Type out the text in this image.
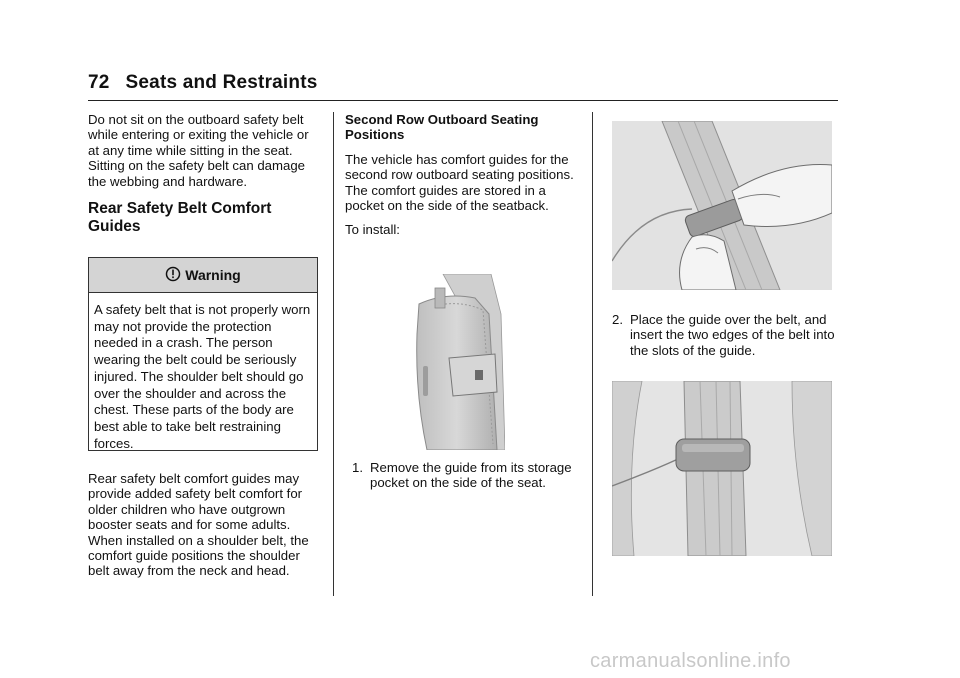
72 Seats and Restraints

Do not sit on the outboard safety belt while entering or exiting the vehicle or at any time while sitting in the seat. Sitting on the safety belt can damage the webbing and hardware.

Rear Safety Belt Comfort Guides

Warning
A safety belt that is not properly worn may not provide the protection needed in a crash. The person wearing the belt could be seriously injured. The shoulder belt should go over the shoulder and across the chest. These parts of the body are best able to take belt restraining forces.

Rear safety belt comfort guides may provide added safety belt comfort for older children who have outgrown booster seats and for some adults. When installed on a shoulder belt, the comfort guide positions the shoulder belt away from the neck and head.

Second Row Outboard Seating Positions

The vehicle has comfort guides for the second row outboard seating positions. The comfort guides are stored in a pocket on the side of the seatback.

To install:

1. Remove the guide from its storage pocket on the side of the seat.
2. Place the guide over the belt, and insert the two edges of the belt into the slots of the guide.
carmanualsonline.info
